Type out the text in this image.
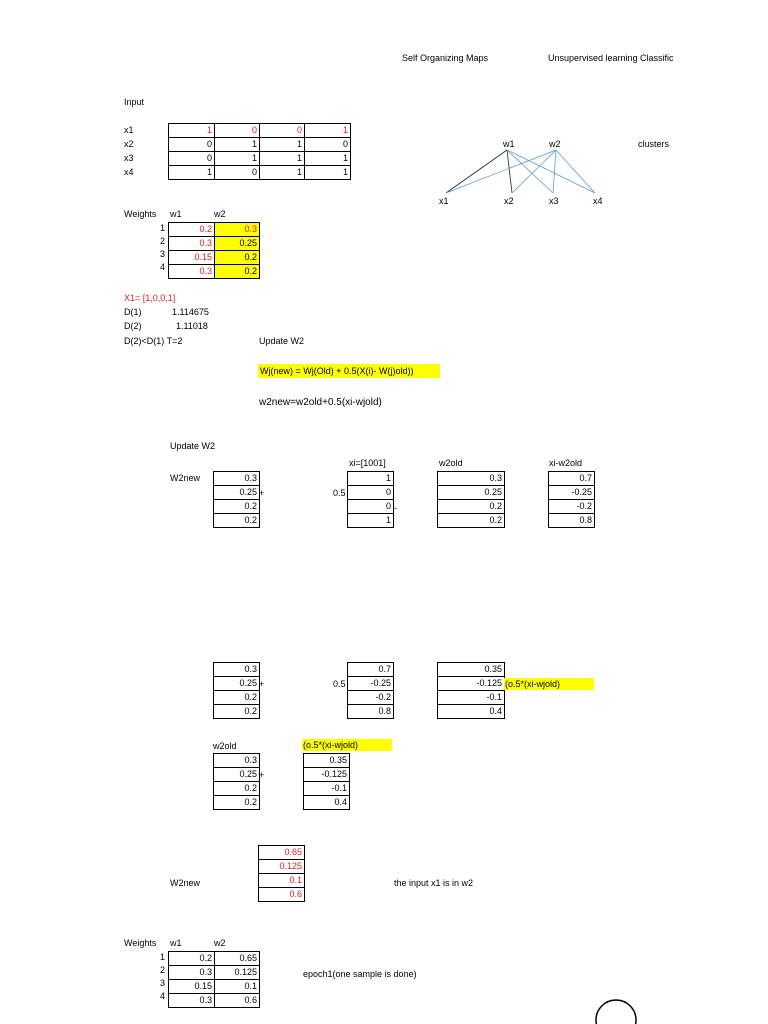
Self Organizing Maps	Unsupervised learning Classific
Input
x1
x2
x3
x4
1	0	0	1
0	1	1	0
0	1	1	1
1	0	1	1
w1	w2	clusters
x1	x2	x3	x4
Weights w1	w2
1
2
3
4
0.2	0.3
0.3	0.25
0.15	0.2
0.3	0.2
X1= [1,0,0,1]
D(1)	1.114675
D(2)	1.11018
D(2)<D(1) T=2	Update W2
Wj(new) = Wj(Old) + 0.5(X(i)- W(j)old))
w2new=w2old+0.5(xi-wjold)
Update W2
W2new	0.3
0.25
0.2
0.2
+	0.5
xi=[1001]
1
0
0
1
-
w2old
0.3
0.25
0.2
0.2
xi-w2old
0.7
-0.25
-0.2
0.8
0.3
0.25
0.2
0.2
+	0.5
0.7
-0.25
-0.2
0.8
0.35
-0.125
-0.1
0.4
(o.5*(xi-wjold)
w2old
0.3
0.25
0.2
0.2
+
(o.5*(xi-wjold)
0.35
-0.125
-0.1
0.4
0.65
0.125
0.1
0.6
W2new	the input x1 is in w2
Weights w1	w2
1
2
3
4
0.2	0.65
0.3	0.125
0.15	0.1
0.3	0.6
epoch1(one sample is done)
